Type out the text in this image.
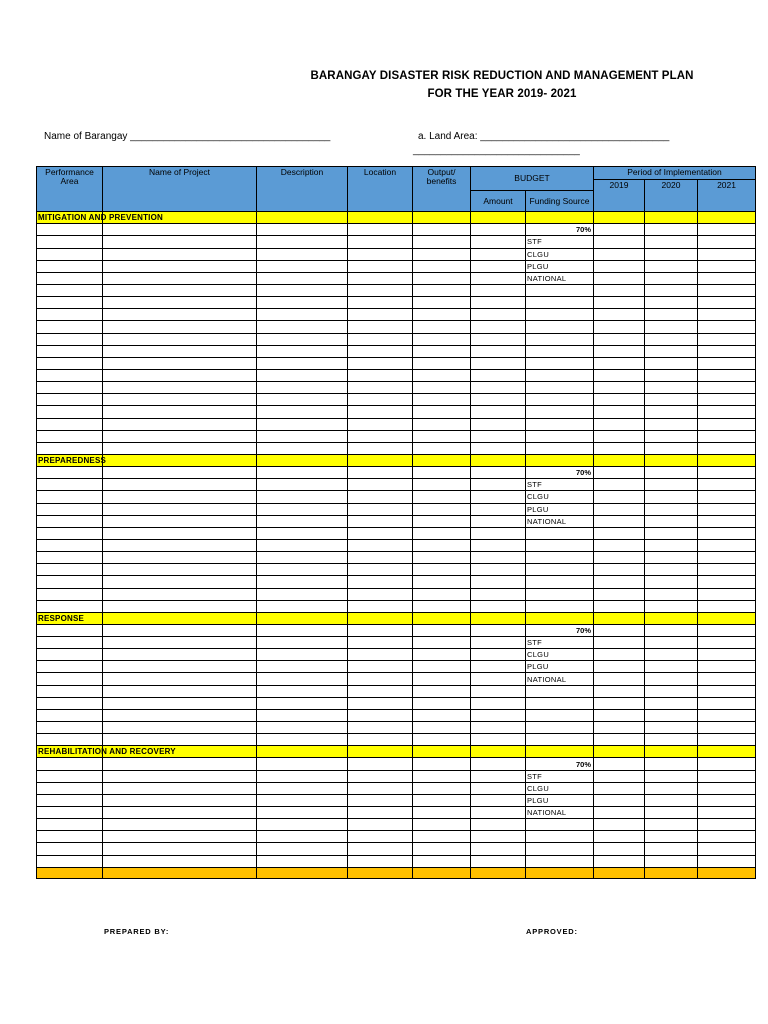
BARANGAY DISASTER RISK REDUCTION AND MANAGEMENT PLAN
FOR THE YEAR 2019- 2021
Name of Barangay ____________________________________	a. Land Area: __________________________________
______________________________
Performance Area	Name of Project	Description	Location	Output/ benefits	BUDGET		Period of Implementation		
							2019	2020	2021
					Amount	Funding Source			
MITIGATION AND PREVENTION									
						70%			
						STF			
						CLGU			
						PLGU			
						NATIONAL			

PREPAREDNESS									
						70%			
						STF			
						CLGU			
						PLGU			
						NATIONAL			

RESPONSE									
						70%			
						STF			
						CLGU			
						PLGU			
						NATIONAL			

REHABILITATION AND RECOVERY									
						70%			
						STF			
						CLGU			
						PLGU			
						NATIONAL			

PREPARED BY:	APPROVED:
